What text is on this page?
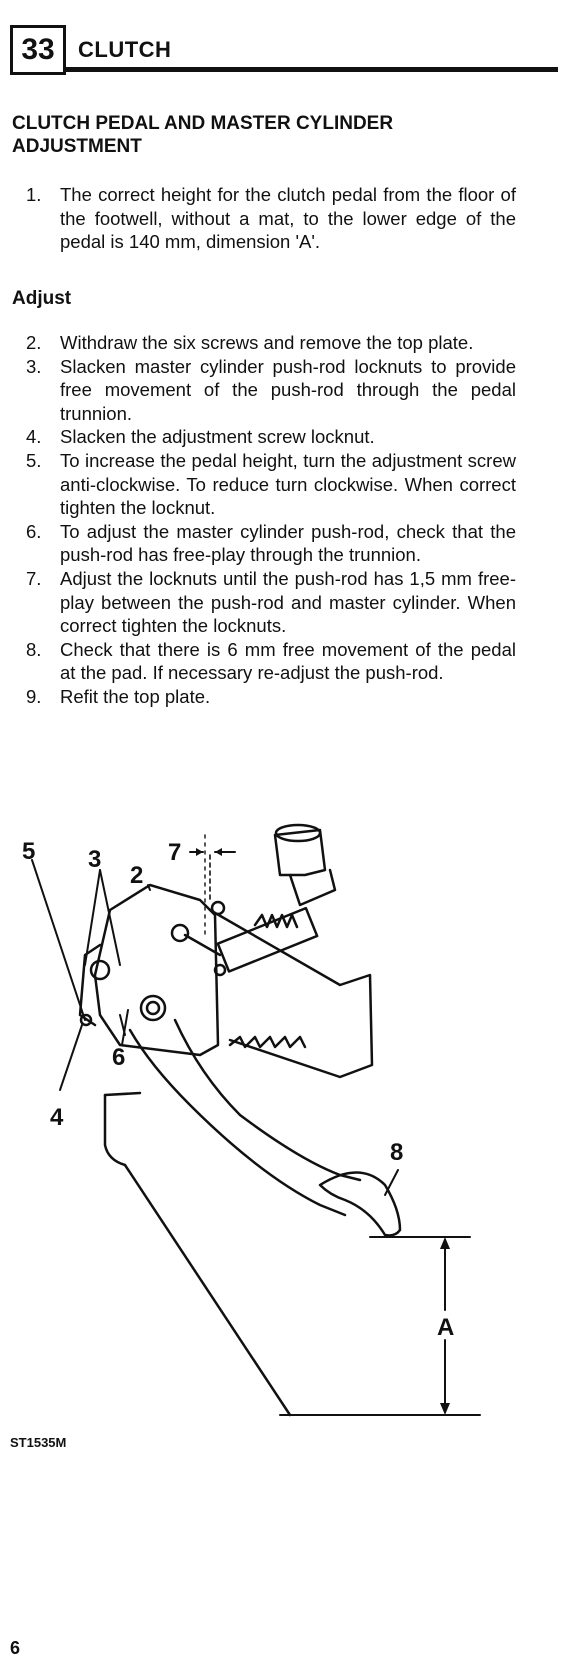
33	CLUTCH
CLUTCH PEDAL AND MASTER CYLINDER ADJUSTMENT
1. The correct height for the clutch pedal from the floor of the footwell, without a mat, to the lower edge of the pedal is 140 mm, dimension 'A'.
Adjust
2. Withdraw the six screws and remove the top plate.
3. Slacken master cylinder push-rod locknuts to provide free movement of the push-rod through the pedal trunnion.
4. Slacken the adjustment screw locknut.
5. To increase the pedal height, turn the adjustment screw anti-clockwise. To reduce turn clockwise. When correct tighten the locknut.
6. To adjust the master cylinder push-rod, check that the push-rod has free-play through the trunnion.
7. Adjust the locknuts until the push-rod has 1,5 mm free-play between the push-rod and master cylinder. When correct tighten the locknuts.
8. Check that there is 6 mm free movement of the pedal at the pad. If necessary re-adjust the push-rod.
9. Refit the top plate.
5 3
2
7
6
4
8
A
ST1535M
6
